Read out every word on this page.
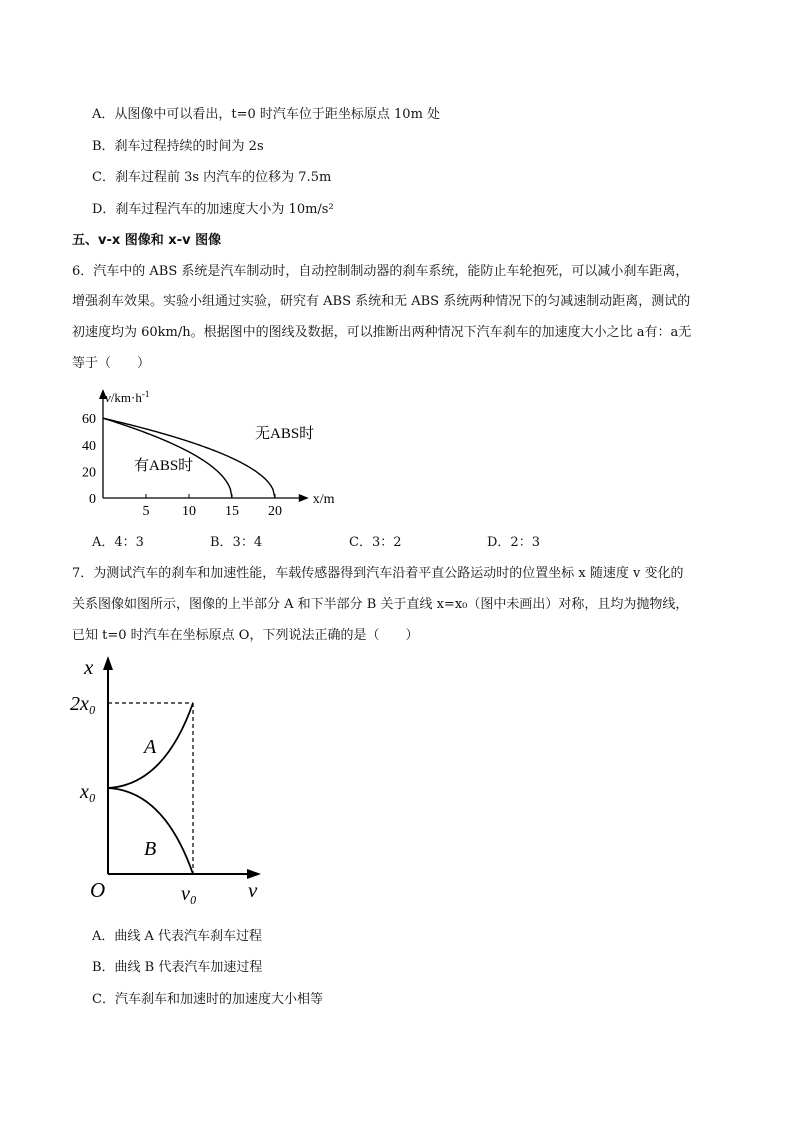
A．从图像中可以看出，t=0 时汽车位于距坐标原点 10m 处
B．刹车过程持续的时间为 2s
C．刹车过程前 3s 内汽车的位移为 7.5m
D．刹车过程汽车的加速度大小为 10m/s²
五、v-x 图像和 x-v 图像
6．汽车中的 ABS 系统是汽车制动时，自动控制制动器的刹车系统，能防止车轮抱死，可以减小刹车距离，
增强刹车效果。实验小组通过实验，研究有 ABS 系统和无 ABS 系统两种情况下的匀减速制动距离，测试的
初速度均为 60km/h。根据图中的图线及数据，可以推断出两种情况下汽车刹车的加速度大小之比 a有：a无
等于（　　）
$v/km\cdot h^{-1}$
x/m
0
20
40
60
5 10 15 20
无ABS时
有ABS时
A．4：3	B．3：4	C．3：2	D．2：3
7．为测试汽车的刹车和加速性能，车载传感器得到汽车沿着平直公路运动时的位置坐标 x 随速度 v 变化的
关系图像如图所示，图像的上半部分 A 和下半部分 B 关于直线 x=x₀（图中未画出）对称，且均为抛物线，
已知 t=0 时汽车在坐标原点 O，下列说法正确的是（　　）
x
2x₀
x₀
A
B
O	v₀ v
A．曲线 A 代表汽车刹车过程
B．曲线 B 代表汽车加速过程
C．汽车刹车和加速时的加速度大小相等
